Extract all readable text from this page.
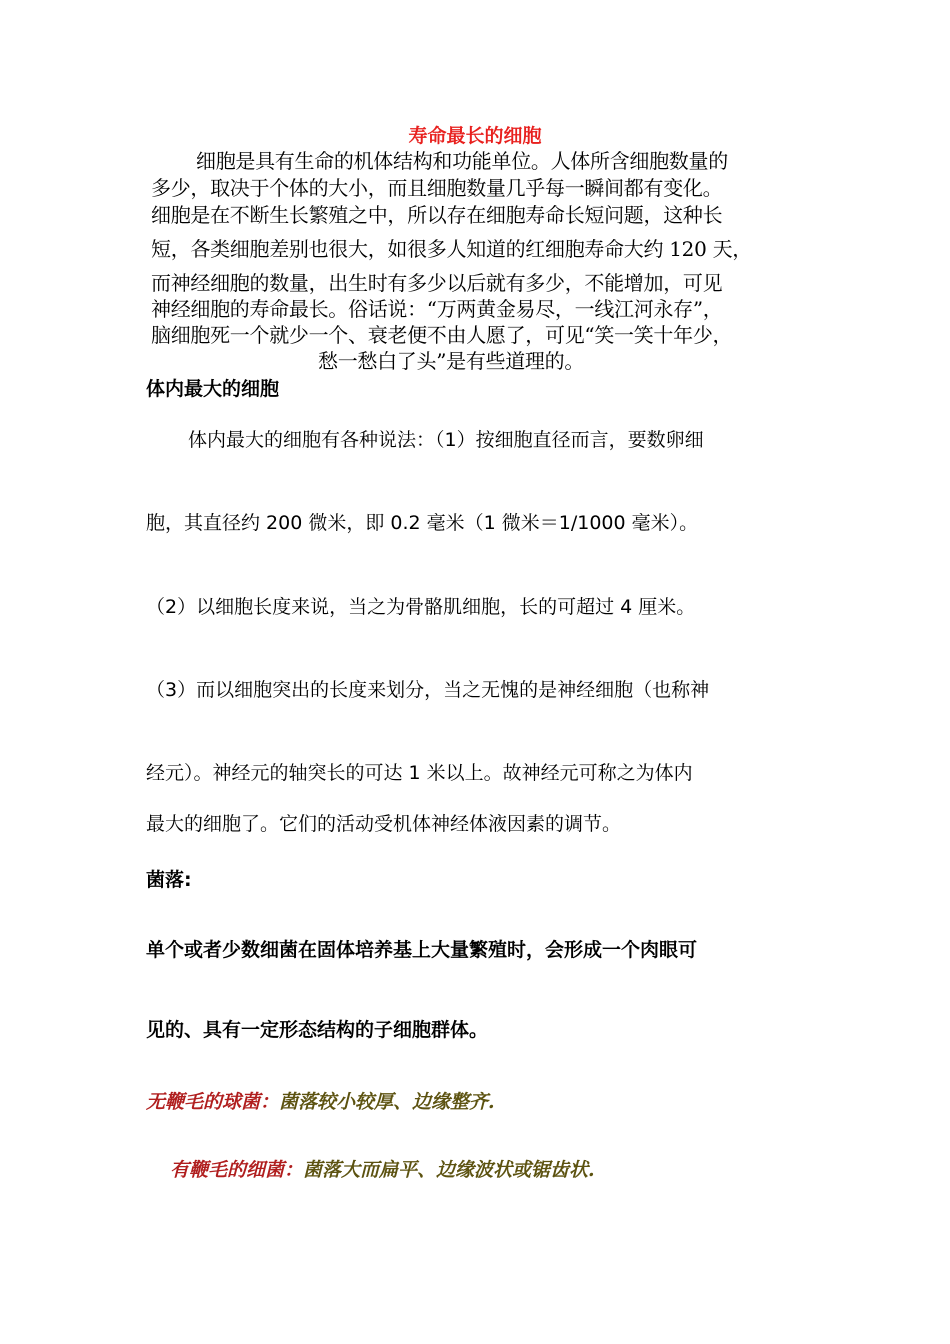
寿命最长的细胞

细胞是具有生命的机体结构和功能单位。人体所含细胞数量的

多少，取决于个体的大小，而且细胞数量几乎每一瞬间都有变化。

细胞是在不断生长繁殖之中，所以存在细胞寿命长短问题，这种长

短，各类细胞差别也很大，如很多人知道的红细胞寿命大约 120 天，

而神经细胞的数量，出生时有多少以后就有多少，不能增加，可见

神经细胞的寿命最长。俗话说：“万两黄金易尽，一线江河永存”，

脑细胞死一个就少一个、衰老便不由人愿了，可见“笑一笑十年少，

愁一愁白了头”是有些道理的。

体内最大的细胞

体内最大的细胞有各种说法：（1）按细胞直径而言，要数卵细

胞，其直径约 200 微米，即 0.2 毫米（1 微米＝1/1000 毫米）。

（2）以细胞长度来说，当之为骨骼肌细胞，长的可超过 4 厘米。

（3）而以细胞突出的长度来划分，当之无愧的是神经细胞（也称神

经元）。神经元的轴突长的可达 1 米以上。故神经元可称之为体内

最大的细胞了。它们的活动受机体神经体液因素的调节。

菌落:

单个或者少数细菌在固体培养基上大量繁殖时，会形成一个肉眼可

见的、具有一定形态结构的子细胞群体。

无鞭毛的球菌：菌落较小较厚、边缘整齐.

有鞭毛的细菌：菌落大而扁平、边缘波状或锯齿状.
